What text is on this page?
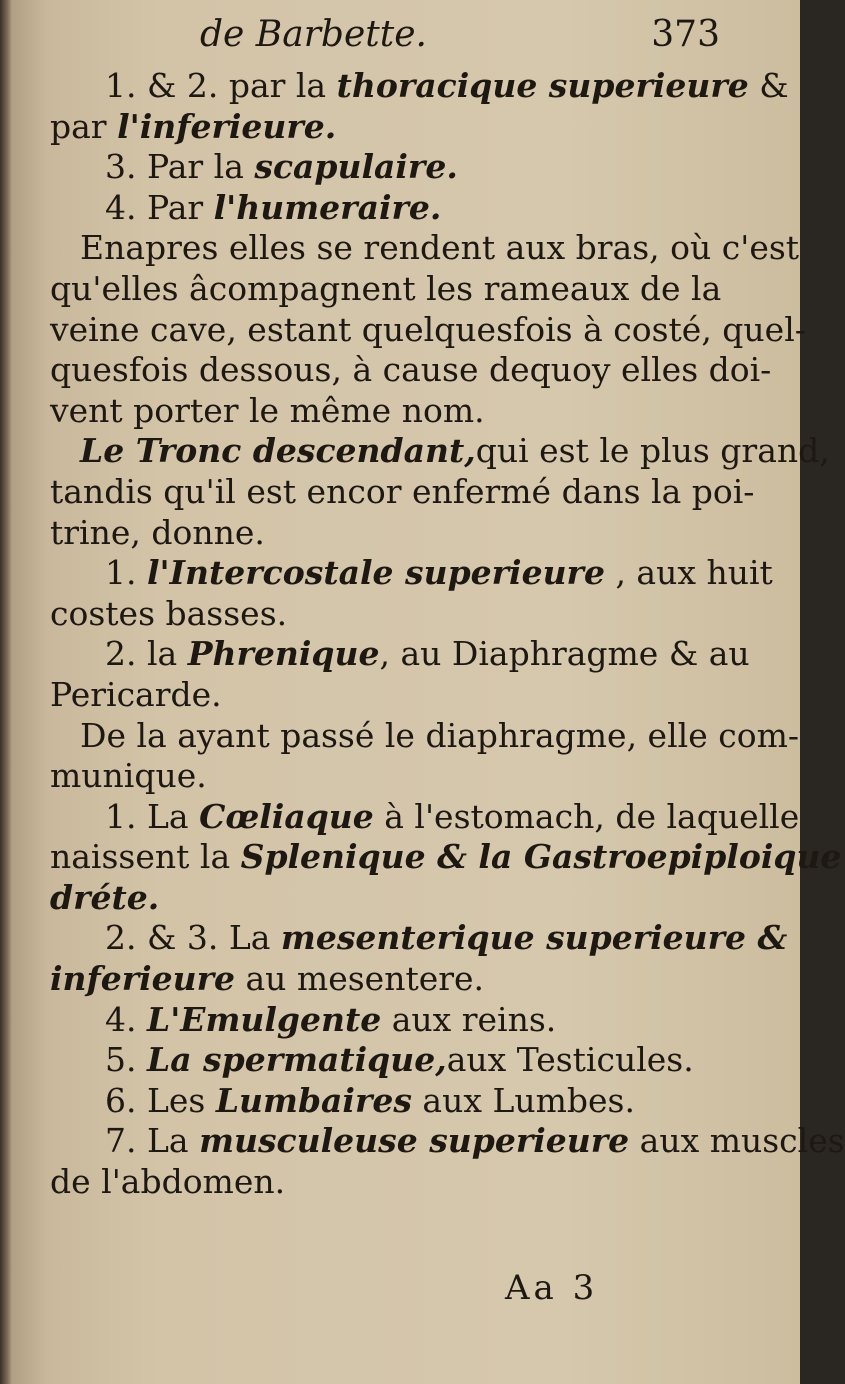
de Barbette.	373
1. & 2. par la thoracique superieure &
par l'inferieure.
3. Par la scapulaire.
4. Par l'humeraire.
Enapres elles se rendent aux bras, où c'est
qu'elles âcompagnent les rameaux de la
veine cave, estant quelquesfois à costé, quel-
quesfois dessous, à cause dequoy elles doi-
vent porter le même nom.
Le Tronc descendant,qui est le plus grand,
tandis qu'il est encor enfermé dans la poi-
trine, donne.
1. l'Intercostale superieure , aux huit
costes basses.
2. la Phrenique, au Diaphragme & au
Pericarde.
De la ayant passé le diaphragme, elle com-
munique.
1. La Cœliaque à l'estomach, de laquelle
naissent la Splenique & la Gastroepiploique
dréte.
2. & 3. La mesenterique superieure &
inferieure au mesentere.
4. L'Emulgente aux reins.
5. La spermatique,aux Testicules.
6. Les Lumbaires aux Lumbes.
7. La musculeuse superieure aux muscles
de l'abdomen.
Aa 3
